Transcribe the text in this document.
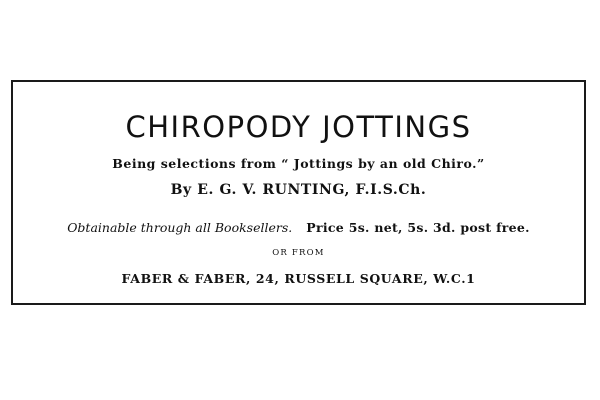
CHIROPODY JOTTINGS
Being selections from “ Jottings by an old Chiro.”
By E. G. V. RUNTING, F.I.S.Ch.
Obtainable through all Booksellers. Price 5s. net, 5s. 3d. post free.
OR FROM
FABER & FABER, 24, RUSSELL SQUARE, W.C.1
